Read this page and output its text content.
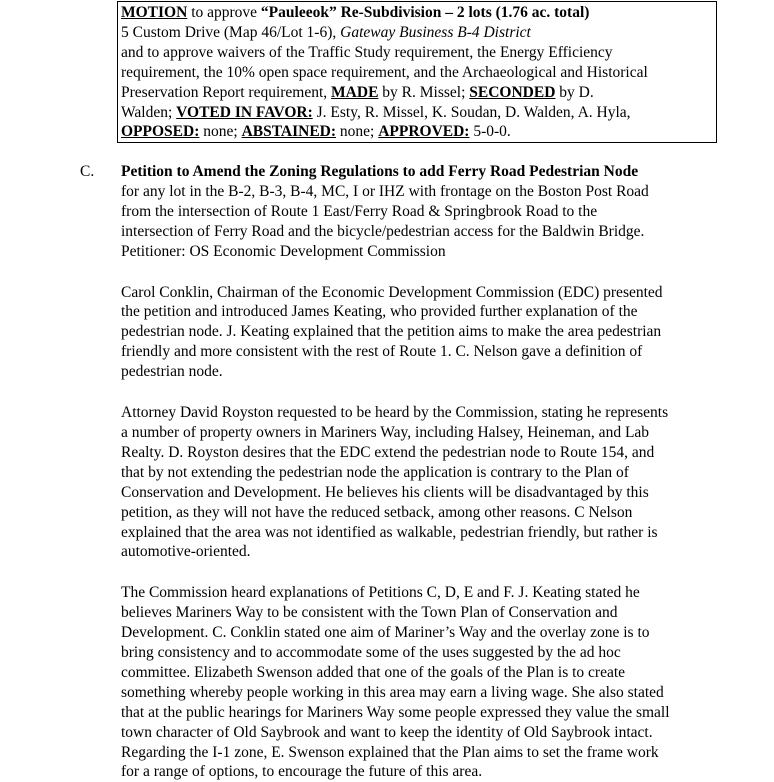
MOTION to approve “Pauleeok” Re-Subdivision – 2 lots (1.76 ac. total)
5 Custom Drive (Map 46/Lot 1-6), Gateway Business B-4 District
and to approve waivers of the Traffic Study requirement, the Energy Efficiency
requirement, the 10% open space requirement, and the Archaeological and Historical
Preservation Report requirement, MADE by R. Missel; SECONDED by D.
Walden; VOTED IN FAVOR: J. Esty, R. Missel, K. Soudan, D. Walden, A. Hyla,
OPPOSED: none; ABSTAINED: none; APPROVED: 5-0-0.
C. Petition to Amend the Zoning Regulations to add Ferry Road Pedestrian Node
for any lot in the B-2, B-3, B-4, MC, I or IHZ with frontage on the Boston Post Road
from the intersection of Route 1 East/Ferry Road & Springbrook Road to the
intersection of Ferry Road and the bicycle/pedestrian access for the Baldwin Bridge.
Petitioner: OS Economic Development Commission
Carol Conklin, Chairman of the Economic Development Commission (EDC) presented
the petition and introduced James Keating, who provided further explanation of the
pedestrian node. J. Keating explained that the petition aims to make the area pedestrian
friendly and more consistent with the rest of Route 1. C. Nelson gave a definition of
pedestrian node.
Attorney David Royston requested to be heard by the Commission, stating he represents
a number of property owners in Mariners Way, including Halsey, Heineman, and Lab
Realty. D. Royston desires that the EDC extend the pedestrian node to Route 154, and
that by not extending the pedestrian node the application is contrary to the Plan of
Conservation and Development. He believes his clients will be disadvantaged by this
petition, as they will not have the reduced setback, among other reasons. C Nelson
explained that the area was not identified as walkable, pedestrian friendly, but rather is
automotive-oriented.
The Commission heard explanations of Petitions C, D, E and F. J. Keating stated he
believes Mariners Way to be consistent with the Town Plan of Conservation and
Development. C. Conklin stated one aim of Mariner’s Way and the overlay zone is to
bring consistency and to accommodate some of the uses suggested by the ad hoc
committee. Elizabeth Swenson added that one of the goals of the Plan is to create
something whereby people working in this area may earn a living wage. She also stated
that at the public hearings for Mariners Way some people expressed they value the small
town character of Old Saybrook and want to keep the identity of Old Saybrook intact.
Regarding the I-1 zone, E. Swenson explained that the Plan aims to set the frame work
for a range of options, to encourage the future of this area.
